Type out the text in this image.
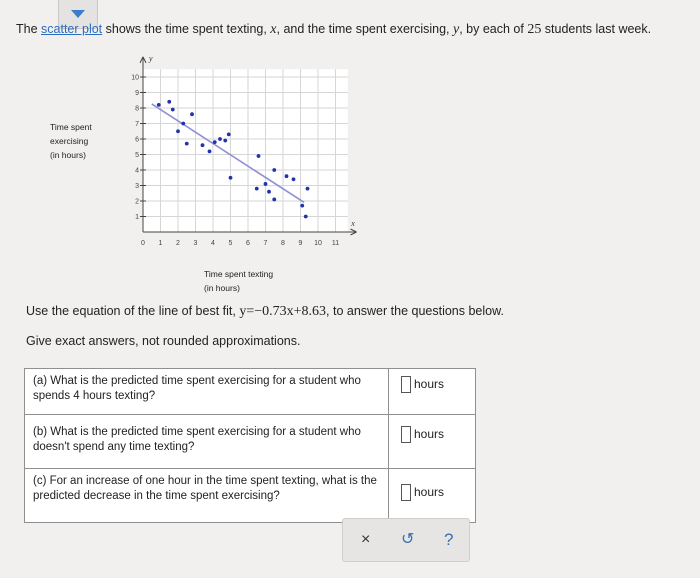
The scatter plot shows the time spent texting, x, and the time spent exercising, y, by each of 25 students last week.
Time spent
exercising
(in hours)
y
x
0 1 2 3 4 5 6 7 8 9 10 11
1
2
3
4
5
6
7
8
9
10
Time spent texting
(in hours)
Use the equation of the line of best fit, y=−0.73x+8.63, to answer the questions below.
Give exact answers, not rounded approximations.
(a) What is the predicted time spent exercising for a student who spends 4 hours texting?	hours
(b) What is the predicted time spent exercising for a student who doesn't spend any time texting?	hours
(c) For an increase of one hour in the time spent texting, what is the predicted decrease in the time spent exercising?	hours
× ↺ ?
